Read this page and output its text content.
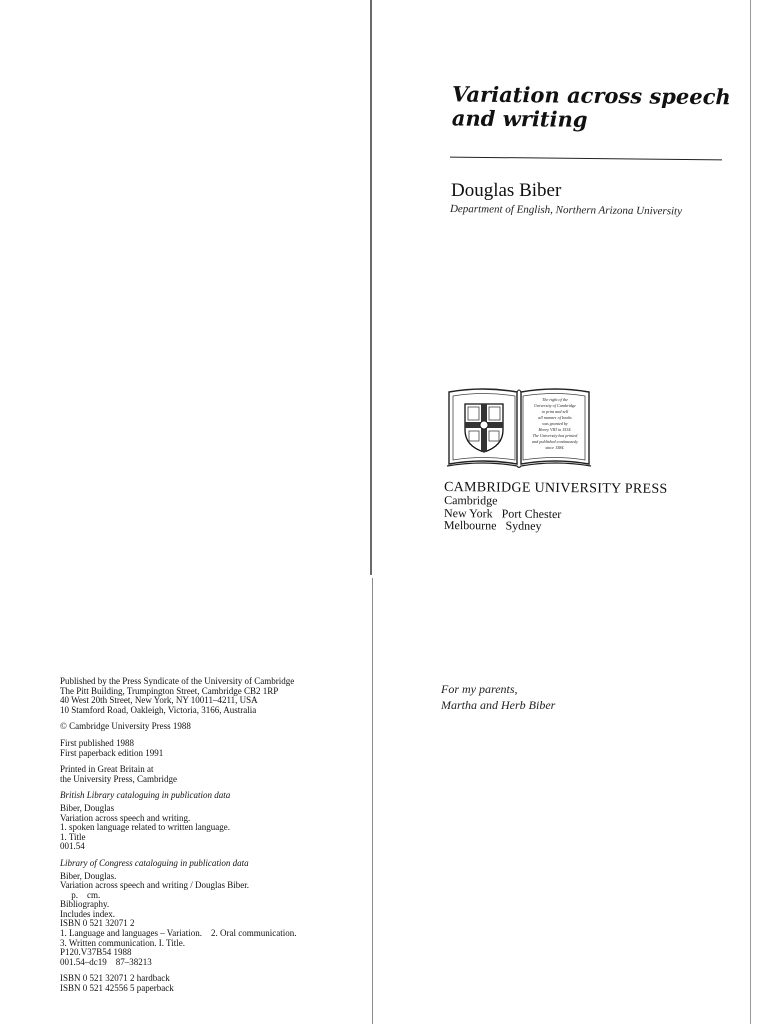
Variation across speech
and writing
Douglas Biber
Department of English, Northern Arizona University
The right of the
University of Cambridge
to print and sell
all manner of books
was granted by
Henry VIII in 1534.
The University has printed
and published continuously
since 1584.
CAMBRIDGE UNIVERSITY PRESS
Cambridge
New York   Port Chester
Melbourne   Sydney
For my parents,
Martha and Herb Biber
Published by the Press Syndicate of the University of Cambridge
The Pitt Building, Trumpington Street, Cambridge CB2 1RP
40 West 20th Street, New York, NY 10011–4211, USA
10 Stamford Road, Oakleigh, Victoria, 3166, Australia
© Cambridge University Press 1988
First published 1988
First paperback edition 1991
Printed in Great Britain at
the University Press, Cambridge
British Library cataloguing in publication data
Biber, Douglas
Variation across speech and writing.
1. spoken language related to written language.
1. Title
001.54
Library of Congress cataloguing in publication data
Biber, Douglas.
Variation across speech and writing / Douglas Biber.
p.    cm.
Bibliography.
Includes index.
ISBN 0 521 32071 2
1. Language and languages – Variation.    2. Oral communication.
3. Written communication. I. Title.
P120.V37B54 1988
001.54–dc19    87–38213
ISBN 0 521 32071 2 hardback
ISBN 0 521 42556 5 paperback
